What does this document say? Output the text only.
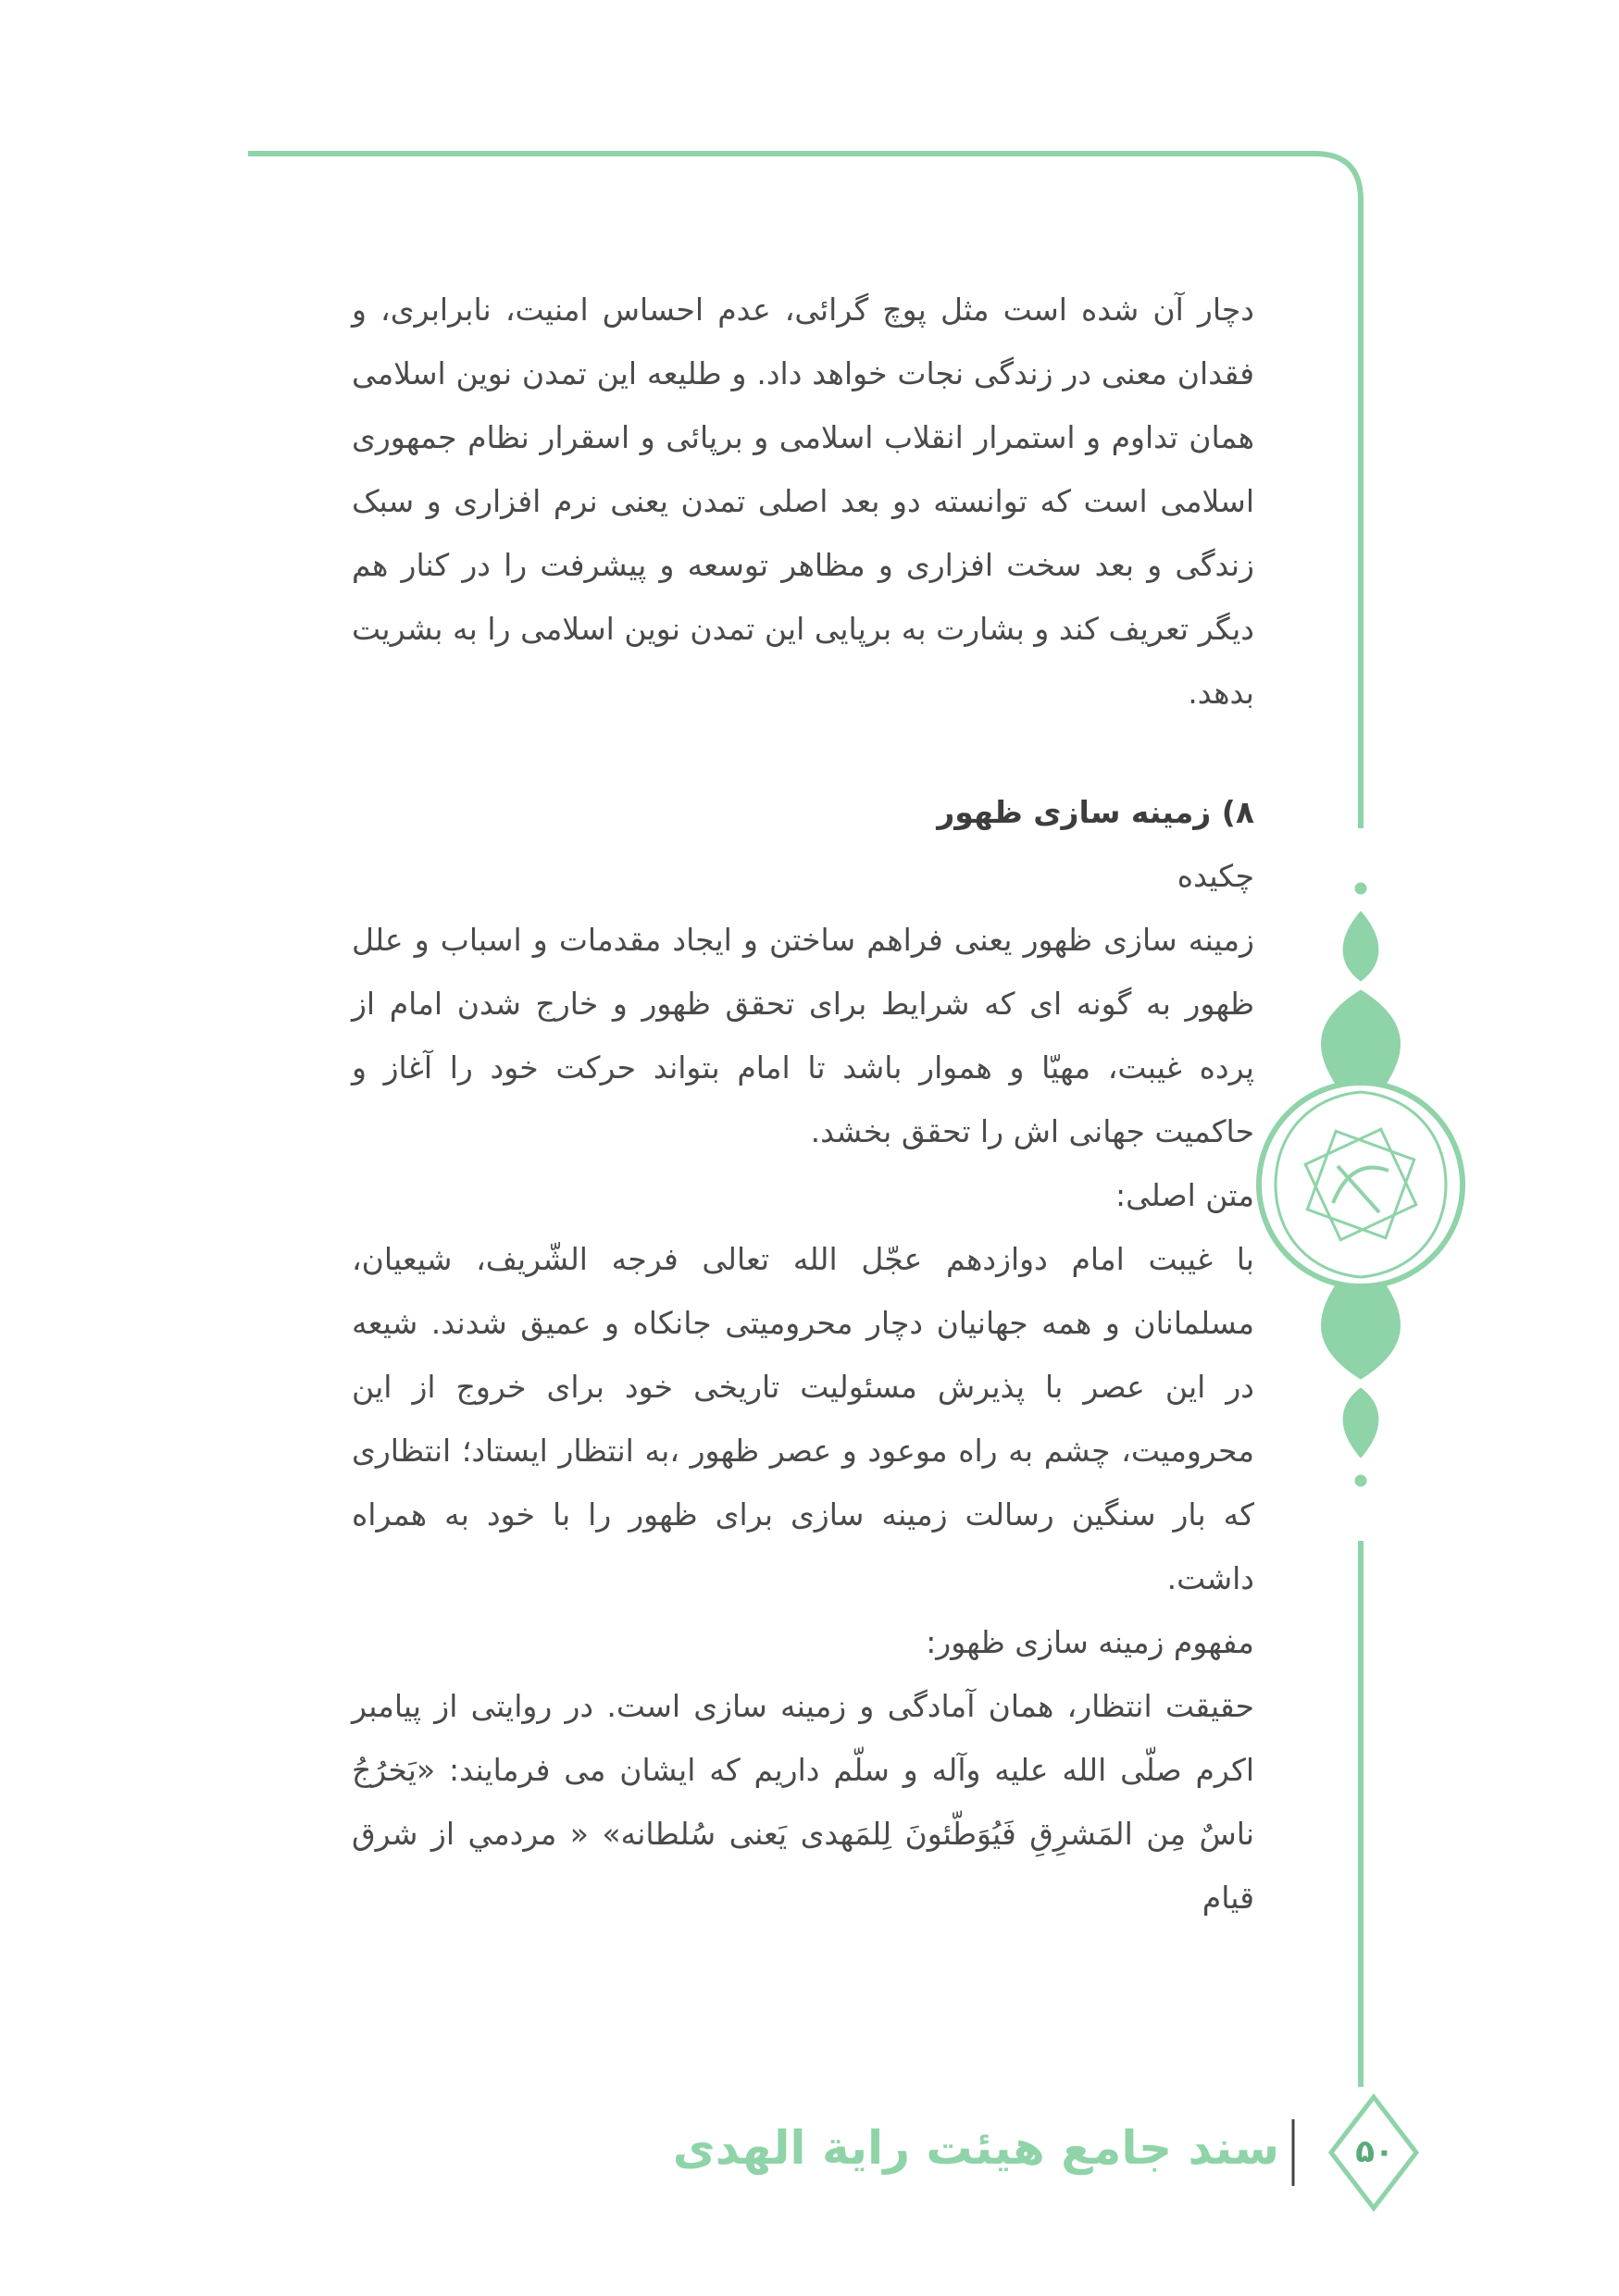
دچار آن شده است مثل پوچ گرائی، عدم احساس امنیت، نابرابری، و فقدان معنی در زندگی نجات خواهد داد. و طليعه اين تمدن نوين اسلامی همان تداوم و استمرار انقلاب اسلامی و برپائی و اسقرار نظام جمهوری اسلامی است که توانسته دو بعد اصلی تمدن یعنی نرم افزاری و سبک زندگی و بعد سخت افزاری و مظاهر توسعه و پیشرفت را در کنار هم دیگر تعریف کند و بشارت به برپایی این تمدن نوین اسلامی را به بشریت بدهد.

۸) زمینه سازی ظهور

چکیده

زمینه سازی ظهور یعنی فراهم ساختن و ایجاد مقدمات و اسباب و علل ظهور به گونه ای که شرایط برای تحقق ظهور و خارج شدن امام از پرده غیبت، مهیّا و هموار باشد تا امام بتواند حرکت خود را آغاز و حاکمیت جهانی اش را تحقق بخشد.

متن اصلی:

با غيبت امام دوازدهم عجّل الله تعالى فرجه الشّريف، شيعيان، مسلمانان و همه جهانیان دچار محرومیتی جانکاه و عمیق شدند. شیعه در این عصر با پذیرش مسئولیت تاریخی خود برای خروج از این محرومیت، چشم به راه موعود و عصر ظهور ،به انتظار ایستاد؛ انتظاری که بار سنگین رسالت زمینه سازی برای ظهور را با خود به همراه داشت.

مفهوم زمینه سازی ظهور:

حقیقت انتظار، همان آمادگی و زمینه سازی است. در روایتی از پیامبر اکرم صلّی الله علیه وآله و سلّم داریم که ایشان می فرمایند: «یَخرُجُ ناسٌ مِن المَشرِقِ فَیُوَطّئونَ لِلمَهدی یَعنی سُلطانه» « مردمي از شرق قيام

سند جامع هیئت رایة الهدی	۵۰
